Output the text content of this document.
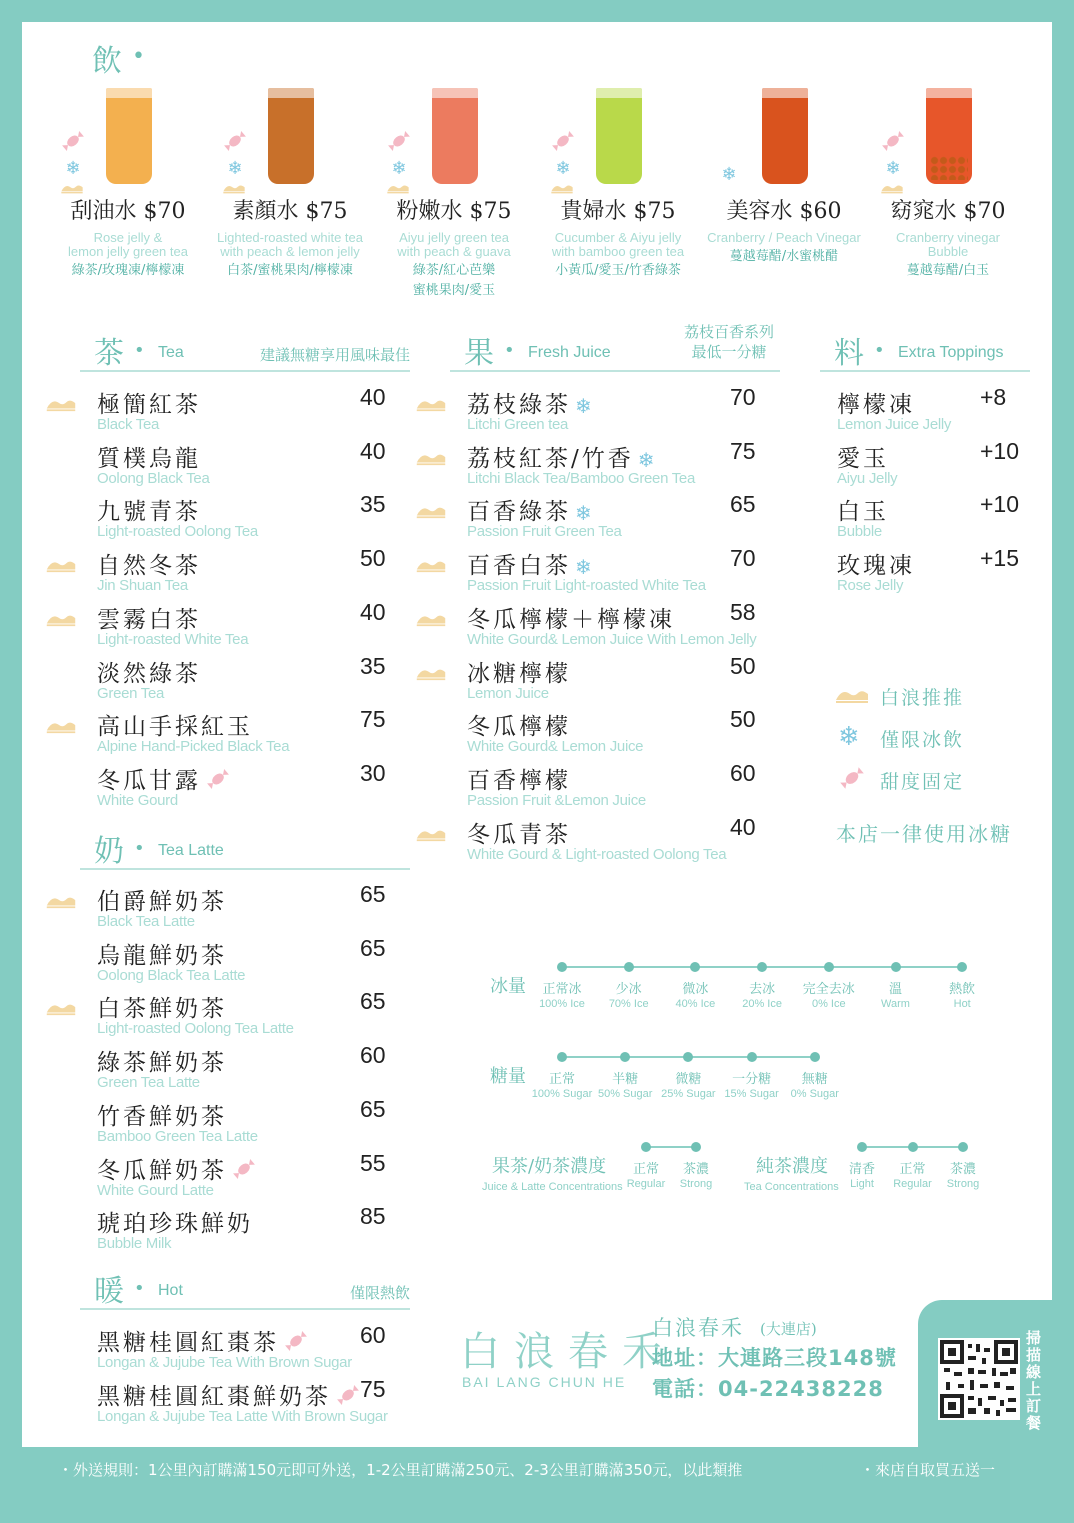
飲 •
❄
刮油水 $70
Rose jelly &
lemon jelly green tea
綠茶/玫瑰凍/檸檬凍
❄
素顏水 $75
Lighted-roasted white tea
with peach & lemon jelly
白茶/蜜桃果肉/檸檬凍
❄
粉嫩水 $75
Aiyu jelly green tea
with peach & guava
綠茶/紅心芭樂
蜜桃果肉/愛玉
❄
貴婦水 $75
Cucumber & Aiyu jelly
with bamboo green tea
小黃瓜/愛玉/竹香綠茶
❄
美容水 $60
Cranberry / Peach Vinegar
蔓越莓醋/水蜜桃醋
❄
窈窕水 $70
Cranberry vinegar
Bubble
蔓越莓醋/白玉
茶 • Tea	建議無糖享用風味最佳
極簡紅茶
Black Tea
40
質樸烏龍
Oolong Black Tea
40
九號青茶
Light-roasted Oolong Tea
35
自然冬茶
Jin Shuan Tea
50
雲霧白茶
Light-roasted White Tea
40
淡然綠茶
Green Tea
35
高山手採紅玉
Alpine Hand-Picked Black Tea
75
冬瓜甘露
White Gourd
30
果 • Fresh Juice
荔枝百香系列
最低一分糖
荔枝綠茶 ❄
Litchi Green tea
70
荔枝紅茶/竹香 ❄
Litchi Black Tea/Bamboo Green Tea
75
百香綠茶 ❄
Passion Fruit Green Tea
65
百香白茶 ❄
Passion Fruit Light-roasted White Tea
70
冬瓜檸檬＋檸檬凍
White Gourd& Lemon Juice With Lemon Jelly
58
冰糖檸檬
Lemon Juice
50
冬瓜檸檬
White Gourd& Lemon Juice
50
百香檸檬
Passion Fruit &Lemon Juice
60
冬瓜青茶
White Gourd & Light-roasted Oolong Tea
40
料 • Extra Toppings
檸檬凍
Lemon Juice Jelly
+8
愛玉
Aiyu Jelly
+10
白玉
Bubble
+10
玫瑰凍
Rose Jelly
+15
白浪推推
❄ 僅限冰飲
甜度固定
本店一律使用冰糖
奶 • Tea Latte
伯爵鮮奶茶
Black Tea Latte
65
烏龍鮮奶茶
Oolong Black Tea Latte
65
白茶鮮奶茶
Light-roasted Oolong Tea Latte
65
綠茶鮮奶茶
Green Tea Latte
60
竹香鮮奶茶
Bamboo Green Tea Latte
65
冬瓜鮮奶茶
White Gourd Latte
55
琥珀珍珠鮮奶
Bubble Milk
85
暖 • Hot	僅限熱飲
黑糖桂圓紅棗茶
Longan & Jujube Tea With Brown Sugar
60
黑糖桂圓紅棗鮮奶茶
Longan & Jujube Tea Latte With Brown Sugar
75
冰量
糖量
果茶/奶茶濃度
Juice & Latte Concentrations
純茶濃度
Tea Concentrations
正常冰
100% Ice
少冰
70% Ice
微冰
40% Ice
去冰
20% Ice
完全去冰
0% Ice
溫
Warm
熱飲
Hot
正常
100% Sugar
半糖
50% Sugar
微糖
25% Sugar
一分糖
15% Sugar
無糖
0% Sugar
正常
Regular
茶濃
Strong
清香
Light
正常
Regular
茶濃
Strong
白浪春禾
BAI LANG CHUN HE
白浪春禾 (大連店)
地址：大連路三段148號
電話：04-22438228
掃描線上訂餐
・外送規則：1公里內訂購滿150元即可外送，1-2公里訂購滿250元、2-3公里訂購滿350元，以此類推	・來店自取買五送一
